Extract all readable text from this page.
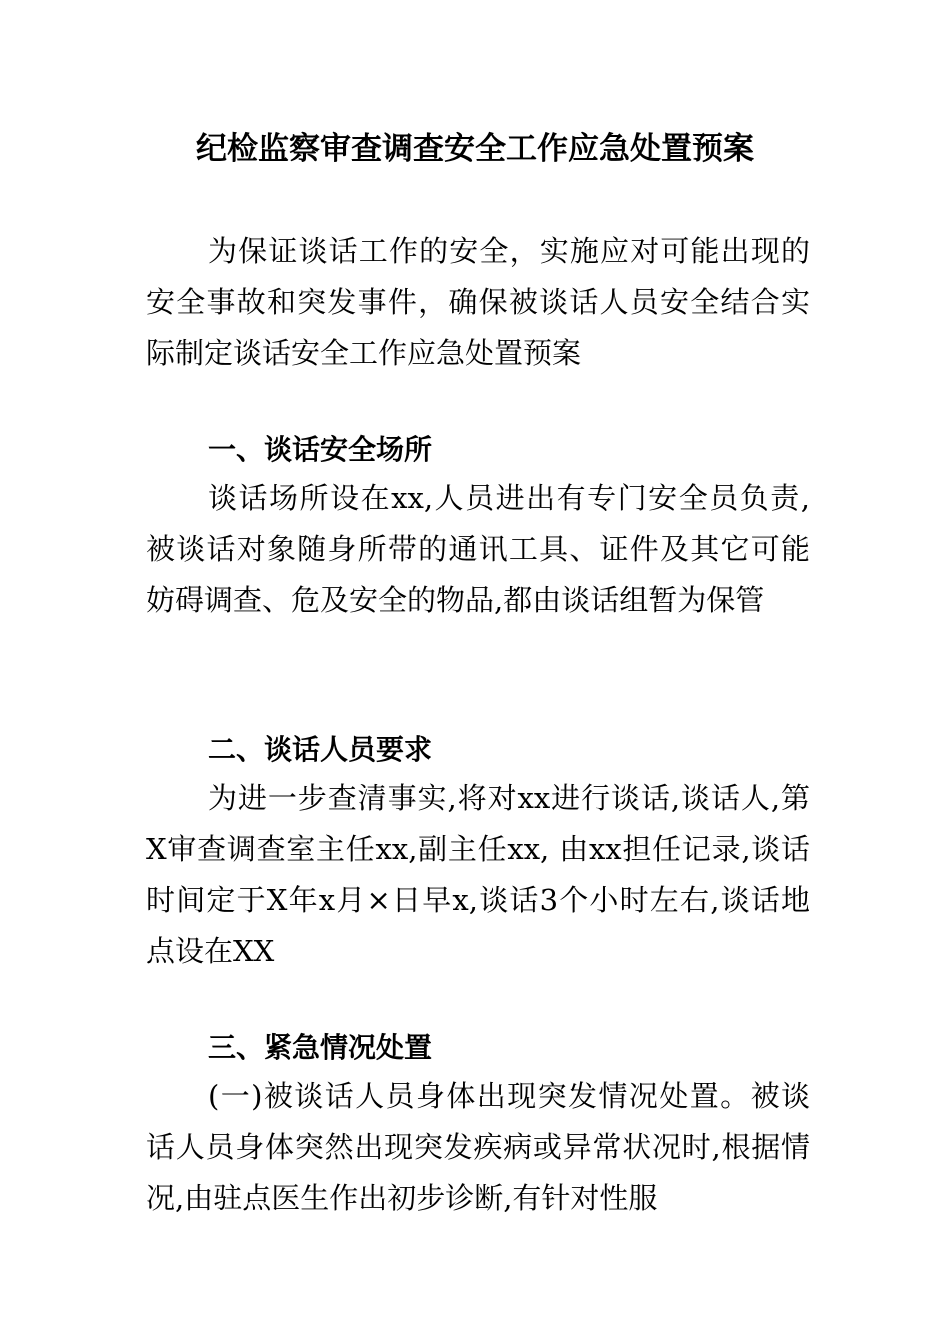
纪检监察审查调查安全工作应急处置预案

为保证谈话工作的安全，实施应对可能出现的安全事故和突发事件，确保被谈话人员安全结合实际制定谈话安全工作应急处置预案

一、谈话安全场所

谈话场所设在xx,人员进出有专门安全员负责,被谈话对象随身所带的通讯工具、证件及其它可能妨碍调查、危及安全的物品,都由谈话组暂为保管

二、谈话人员要求

为进一步查清事实,将对xx进行谈话,谈话人,第X审查调查室主任xx,副主任xx, 由xx担任记录,谈话时间定于X年x月×日早x,谈话3个小时左右,谈话地点设在XX

三、紧急情况处置

(一)被谈话人员身体出现突发情况处置。被谈话人员身体突然出现突发疾病或异常状况时,根据情况,由驻点医生作出初步诊断,有针对性服
